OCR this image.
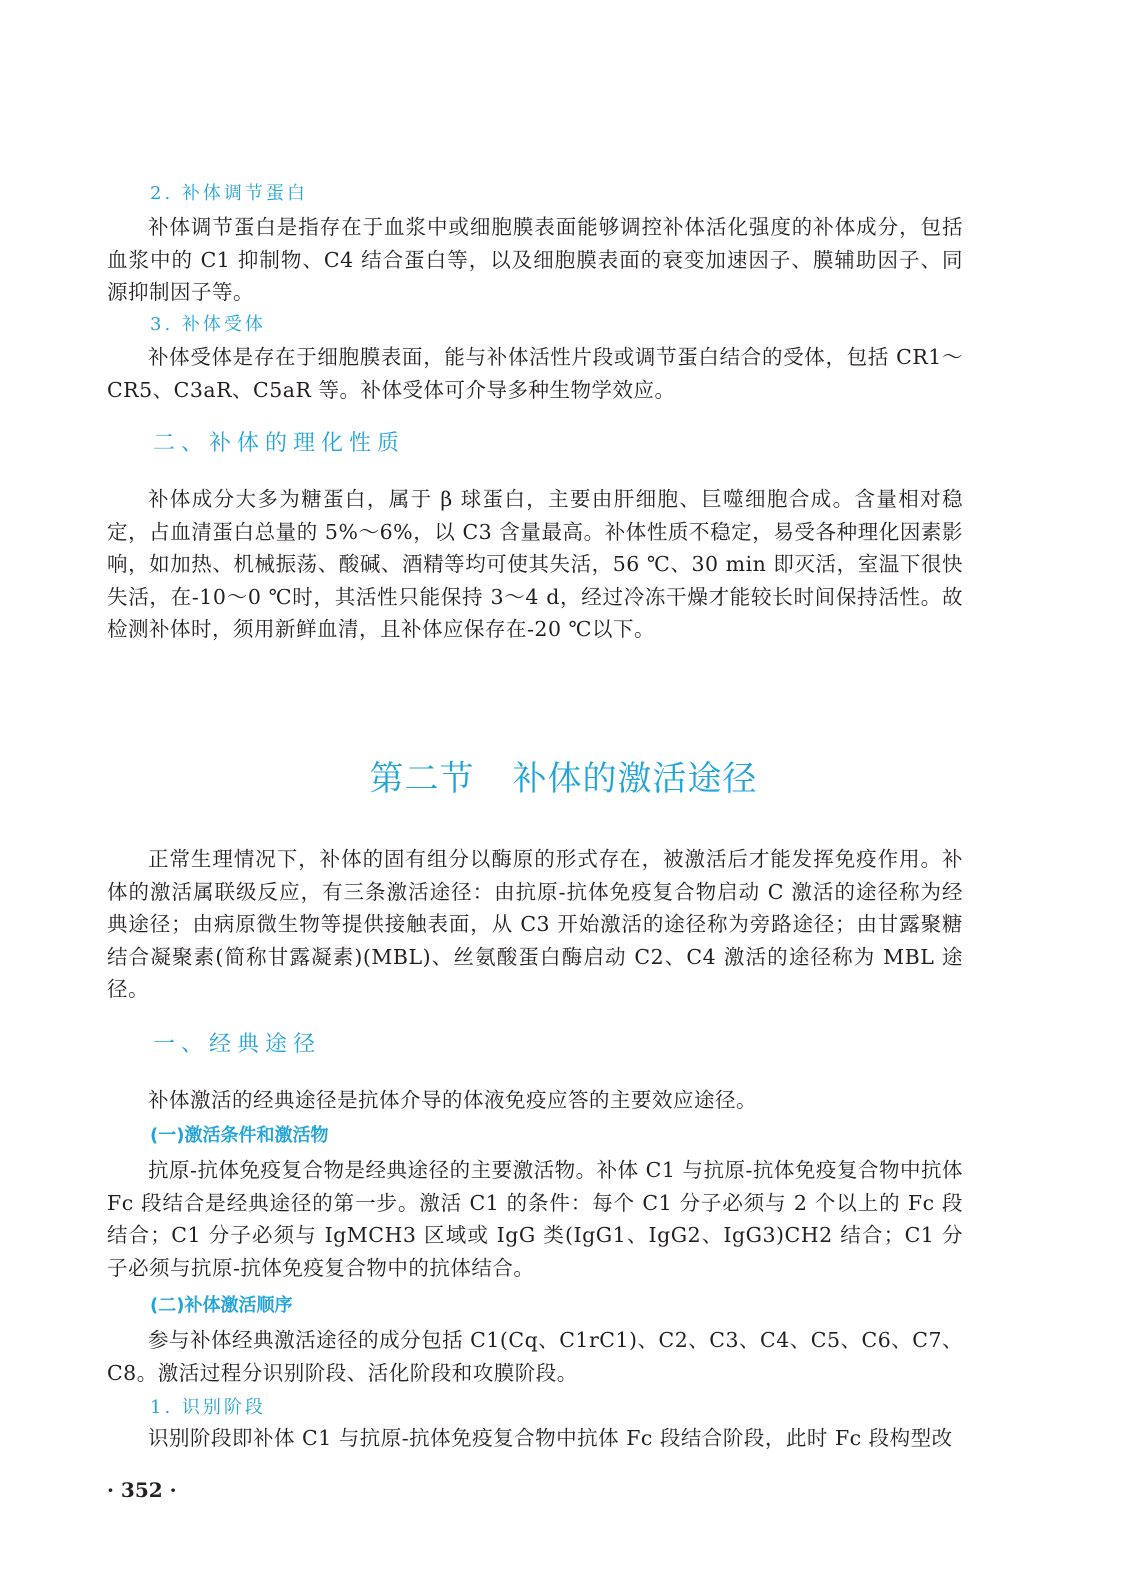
2. 补体调节蛋白

补体调节蛋白是指存在于血浆中或细胞膜表面能够调控补体活化强度的补体成分，包括血浆中的 C1 抑制物、C4 结合蛋白等，以及细胞膜表面的衰变加速因子、膜辅助因子、同源抑制因子等。

3. 补体受体

补体受体是存在于细胞膜表面，能与补体活性片段或调节蛋白结合的受体，包括 CR1～CR5、C3aR、C5aR 等。补体受体可介导多种生物学效应。

二、补体的理化性质

补体成分大多为糖蛋白，属于 β 球蛋白，主要由肝细胞、巨噬细胞合成。含量相对稳定，占血清蛋白总量的 5%～6%，以 C3 含量最高。补体性质不稳定，易受各种理化因素影响，如加热、机械振荡、酸碱、酒精等均可使其失活，56 ℃、30 min 即灭活，室温下很快失活，在-10～0 ℃时，其活性只能保持 3～4 d，经过冷冻干燥才能较长时间保持活性。故检测补体时，须用新鲜血清，且补体应保存在-20 ℃以下。

第二节 补体的激活途径

正常生理情况下，补体的固有组分以酶原的形式存在，被激活后才能发挥免疫作用。补体的激活属联级反应，有三条激活途径：由抗原-抗体免疫复合物启动 C 激活的途径称为经典途径；由病原微生物等提供接触表面，从 C3 开始激活的途径称为旁路途径；由甘露聚糖结合凝聚素(简称甘露凝素)(MBL)、丝氨酸蛋白酶启动 C2、C4 激活的途径称为 MBL 途径。

一、经典途径

补体激活的经典途径是抗体介导的体液免疫应答的主要效应途径。

(一)激活条件和激活物

抗原-抗体免疫复合物是经典途径的主要激活物。补体 C1 与抗原-抗体免疫复合物中抗体 Fc 段结合是经典途径的第一步。激活 C1 的条件：每个 C1 分子必须与 2 个以上的 Fc 段结合；C1 分子必须与 IgMCH3 区域或 IgG 类(IgG1、IgG2、IgG3)CH2 结合；C1 分子必须与抗原-抗体免疫复合物中的抗体结合。

(二)补体激活顺序

参与补体经典激活途径的成分包括 C1(Cq、C1rC1)、C2、C3、C4、C5、C6、C7、C8。激活过程分识别阶段、活化阶段和攻膜阶段。

1. 识别阶段

识别阶段即补体 C1 与抗原-抗体免疫复合物中抗体 Fc 段结合阶段，此时 Fc 段构型改

· 352 ·
